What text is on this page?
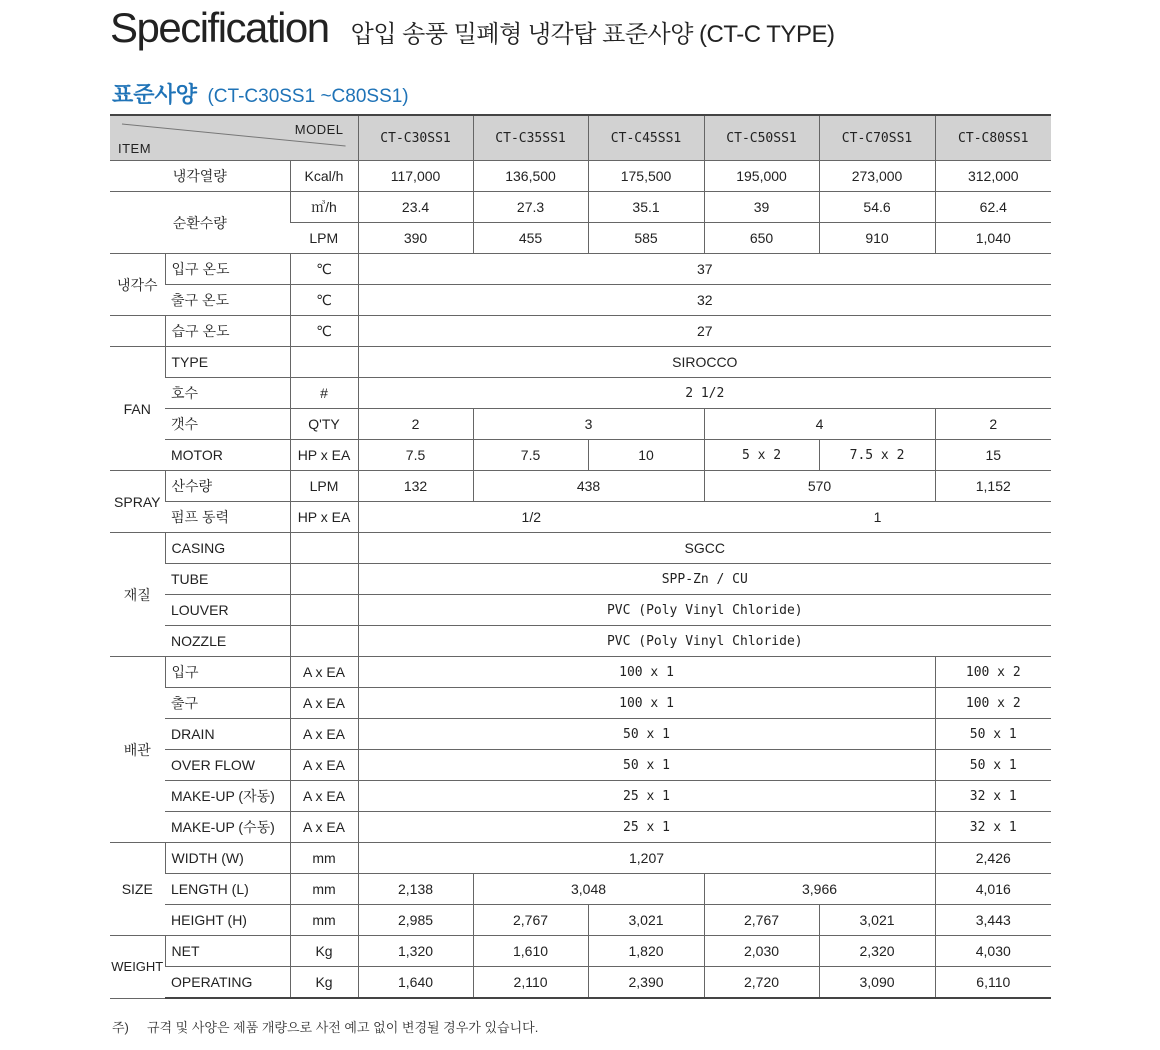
Specification 압입 송풍 밀폐형 냉각탑 표준사양 (CT-C TYPE)
표준사양 (CT-C30SS1 ~C80SS1)
MODEL
ITEM			CT-C30SS1	CT-C35SS1	CT-C45SS1	CT-C50SS1	CT-C70SS1	CT-C80SS1
냉각열량		Kcal/h	117,000	136,500	175,500	195,000	273,000	312,000
순환수량		㎥/h	23.4	27.3	35.1	39	54.6	62.4
		LPM	390	455	585	650	910	1,040
냉각수	입구 온도	℃	37					
	출구 온도	℃	32					
	습구 온도	℃	27					
FAN	TYPE		SIROCCO					
	호수	#	2 1/2					
	갯수	Q'TY	2	3		4		2
	MOTOR	HP x EA	7.5	7.5	10	5 x 2	7.5 x 2	15
SPRAY	산수량	LPM	132	438		570		1,152
	펌프 동력	HP x EA	1/2			1		
재질	CASING		SGCC					
	TUBE		SPP-Zn / CU					
	LOUVER		PVC (Poly Vinyl Chloride)					
	NOZZLE		PVC (Poly Vinyl Chloride)					
배관	입구	A x EA	100 x 1					100 x 2
	출구	A x EA	100 x 1					100 x 2
	DRAIN	A x EA	50 x 1					50 x 1
	OVER FLOW	A x EA	50 x 1					50 x 1
	MAKE-UP (자동)	A x EA	25 x 1					32 x 1
	MAKE-UP (수동)	A x EA	25 x 1					32 x 1
SIZE	WIDTH (W)	mm	1,207					2,426
	LENGTH (L)	mm	2,138	3,048		3,966		4,016
	HEIGHT (H)	mm	2,985	2,767	3,021	2,767	3,021	3,443
WEIGHT	NET	Kg	1,320	1,610	1,820	2,030	2,320	4,030
	OPERATING	Kg	1,640	2,110	2,390	2,720	3,090	6,110
주) 규격 및 사양은 제품 개량으로 사전 예고 없이 변경될 경우가 있습니다.
